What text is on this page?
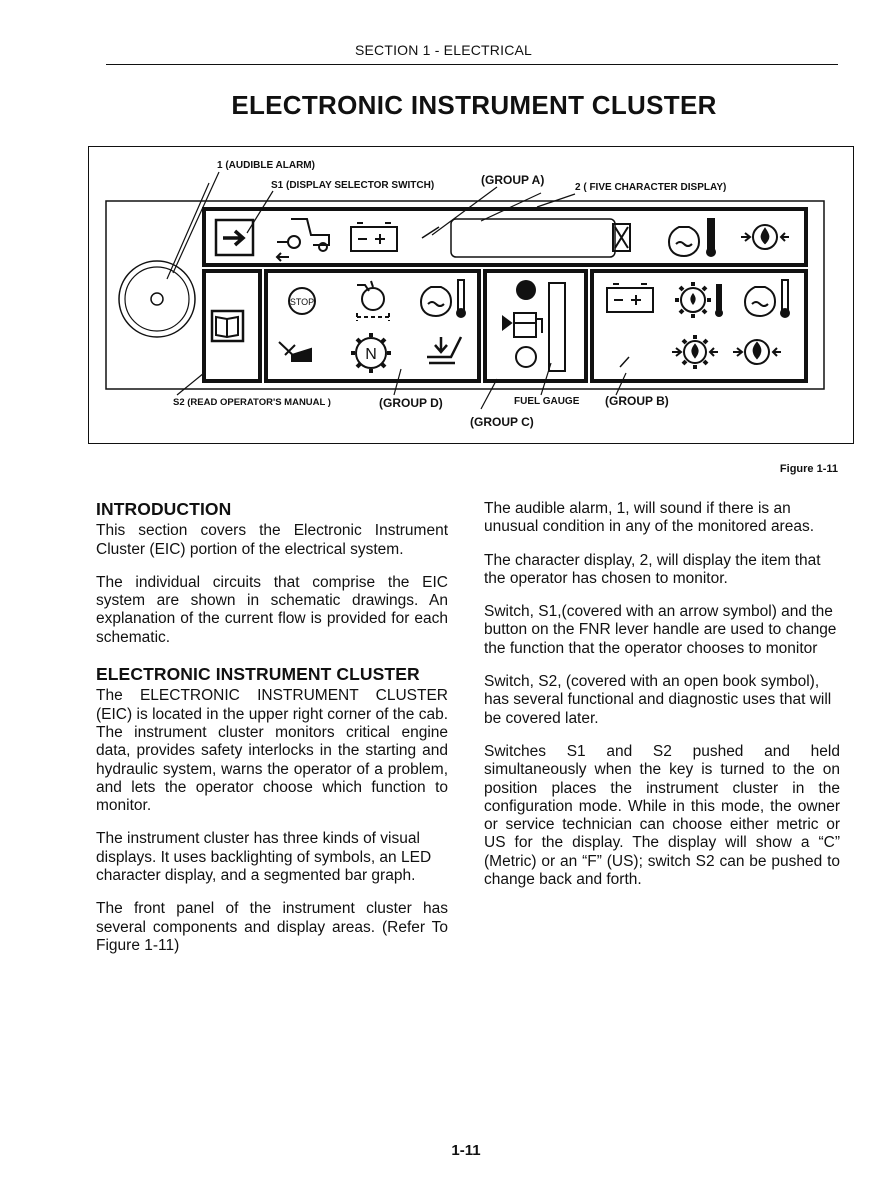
SECTION 1 - ELECTRICAL
ELECTRONIC INSTRUMENT CLUSTER
1 (AUDIBLE ALARM)
S1 (DISPLAY SELECTOR SWITCH)	(GROUP A)
2 ( FIVE CHARACTER DISPLAY)
STOP
N
S2 (READ OPERATOR'S MANUAL )	(GROUP D)	FUEL GAUGE (GROUP B)
(GROUP C)
Figure 1-11
INTRODUCTION

This section covers the Electronic Instrument Cluster (EIC) portion of the electrical system.

The individual circuits that comprise the EIC system are shown in schematic drawings. An explanation of the current flow is provided for each schematic.

ELECTRONIC INSTRUMENT CLUSTER

The ELECTRONIC INSTRUMENT CLUSTER (EIC) is located in the upper right corner of the cab. The instrument cluster monitors critical engine data, provides safety interlocks in the starting and hydraulic system, warns the operator of a problem, and lets the operator choose which function to monitor.

The instrument cluster has three kinds of visual displays. It uses backlighting of symbols, an LED character display, and a segmented bar graph.

The front panel of the instrument cluster has several components and display areas. (Refer To Figure 1-11)

The audible alarm, 1, will sound if there is an unusual condition in any of the monitored areas.

The character display, 2, will display the item that the operator has chosen to monitor.

Switch, S1,(covered with an arrow symbol) and the button on the FNR lever handle are used to change the function that the operator chooses to monitor

Switch, S2, (covered with an open book symbol), has several functional and diagnostic uses that will be covered later.

Switches S1 and S2 pushed and held simultaneously when the key is turned to the on position places the instrument cluster in the configuration mode. While in this mode, the owner or service technician can choose either metric or US for the display. The display will show a “C” (Metric) or an “F” (US); switch S2 can be pushed to change back and forth.

1-11
